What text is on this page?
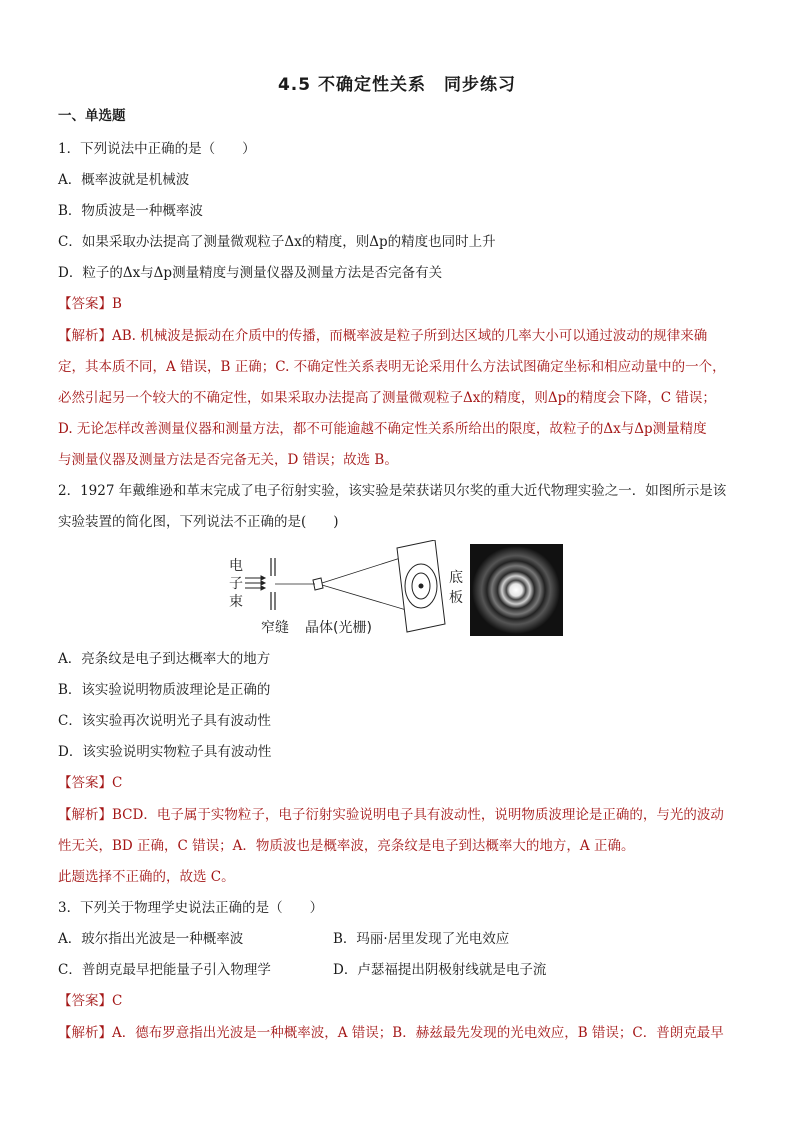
4.5 不确定性关系　同步练习
一、单选题
1．下列说法中正确的是（　　）
A．概率波就是机械波
B．物质波是一种概率波
C．如果采取办法提高了测量微观粒子Δx的精度，则Δp的精度也同时上升
D．粒子的Δx与Δp测量精度与测量仪器及测量方法是否完备有关
【答案】B
【解析】AB. 机械波是振动在介质中的传播，而概率波是粒子所到达区域的几率大小可以通过波动的规律来确
定，其本质不同，A 错误，B 正确；C. 不确定性关系表明无论采用什么方法试图确定坐标和相应动量中的一个，
必然引起另一个较大的不确定性，如果采取办法提高了测量微观粒子Δx的精度，则Δp的精度会下降，C 错误；
D. 无论怎样改善测量仪器和测量方法，都不可能逾越不确定性关系所给出的限度，故粒子的Δx与Δp测量精度
与测量仪器及测量方法是否完备无关，D 错误；故选 B。
2．1927 年戴维逊和革末完成了电子衍射实验，该实验是荣获诺贝尔奖的重大近代物理实验之一．如图所示是该
实验装置的简化图，下列说法不正确的是(　　)
电
子
束
窄缝 晶体(光栅)
底
板
A．亮条纹是电子到达概率大的地方
B．该实验说明物质波理论是正确的
C．该实验再次说明光子具有波动性
D．该实验说明实物粒子具有波动性
【答案】C
【解析】BCD．电子属于实物粒子，电子衍射实验说明电子具有波动性，说明物质波理论是正确的，与光的波动
性无关，BD 正确，C 错误；A．物质波也是概率波，亮条纹是电子到达概率大的地方，A 正确。
此题选择不正确的，故选 C。
3．下列关于物理学史说法正确的是（　　）
A．玻尔指出光波是一种概率波	B．玛丽·居里发现了光电效应
C．普朗克最早把能量子引入物理学	D．卢瑟福提出阴极射线就是电子流
【答案】C
【解析】A．德布罗意指出光波是一种概率波，A 错误；B．赫兹最先发现的光电效应，B 错误；C．普朗克最早
